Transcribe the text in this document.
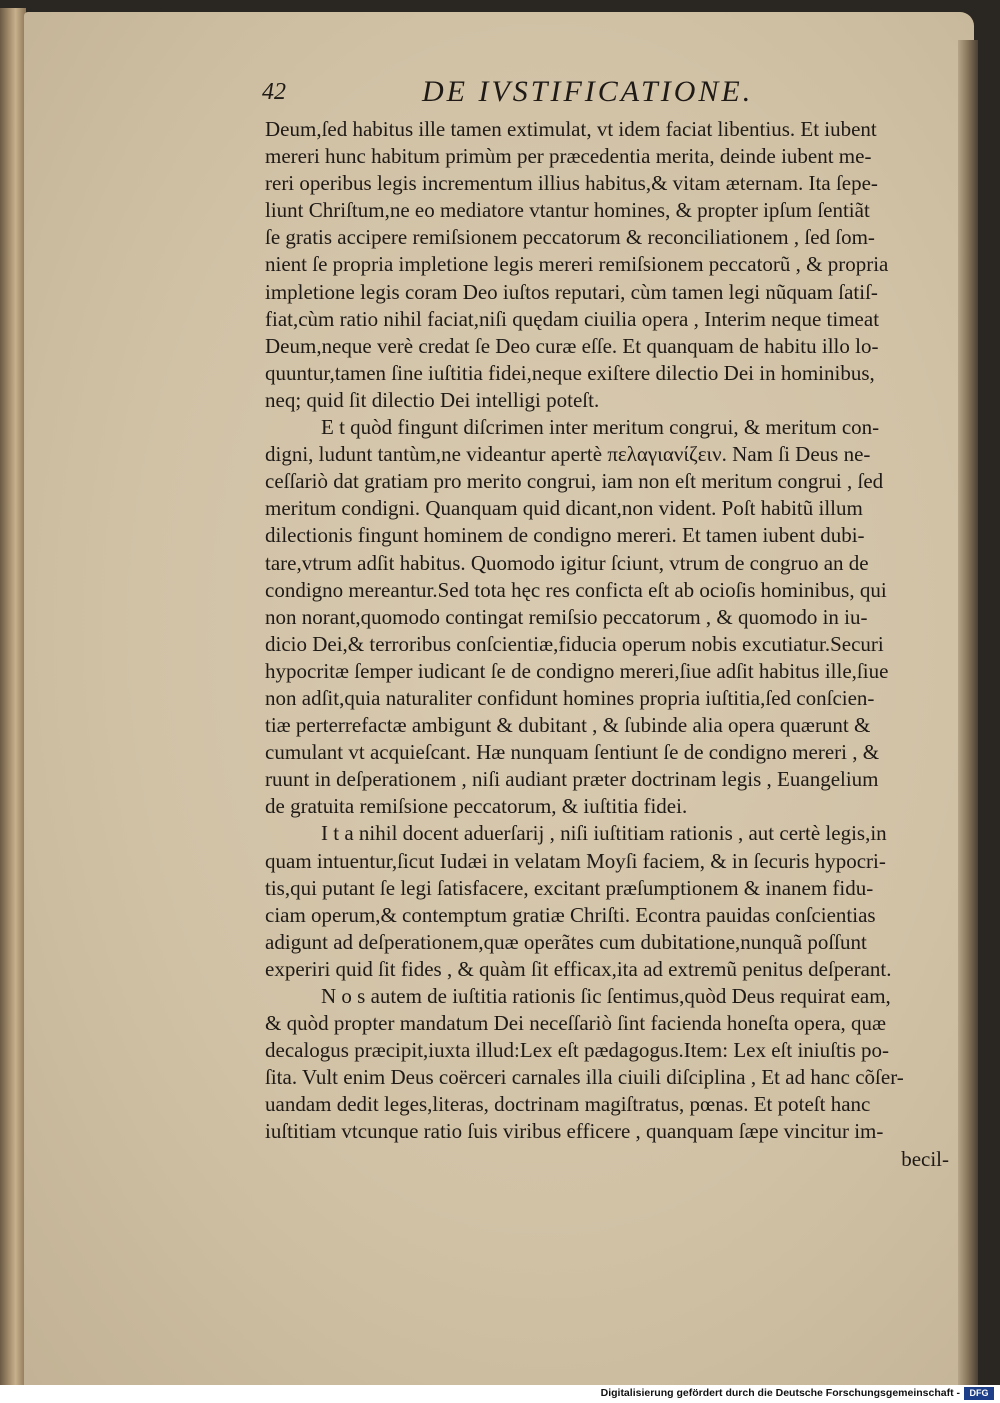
42	DE IVSTIFICATIONE.
Deum,ſed habitus ille tamen extimulat, vt idem faciat libentius. Et iubent
mereri hunc habitum primùm per præcedentia merita, deinde iubent me-
reri operibus legis incrementum illius habitus,& vitam æternam. Ita ſepe-
liunt Chriſtum,ne eo mediatore vtantur homines, & propter ipſum ſentiãt
ſe gratis accipere remiſsionem peccatorum & reconciliationem , ſed ſom-
nient ſe propria impletione legis mereri remiſsionem peccatorũ , & propria
impletione legis coram Deo iuſtos reputari, cùm tamen legi nũquam ſatiſ-
fiat,cùm ratio nihil faciat,niſi quędam ciuilia opera , Interim neque timeat
Deum,neque verè credat ſe Deo curæ eſſe. Et quanquam de habitu illo lo-
quuntur,tamen ſine iuſtitia fidei,neque exiſtere dilectio Dei in hominibus,
neq; quid ſit dilectio Dei intelligi poteſt.
E t quòd fingunt diſcrimen inter meritum congrui, & meritum con-
digni, ludunt tantùm,ne videantur apertè πελαγιανίζειν. Nam ſi Deus ne-
ceſſariò dat gratiam pro merito congrui, iam non eſt meritum congrui , ſed
meritum condigni. Quanquam quid dicant,non vident. Poſt habitũ illum
dilectionis fingunt hominem de condigno mereri. Et tamen iubent dubi-
tare,vtrum adſit habitus. Quomodo igitur ſciunt, vtrum de congruo an de
condigno mereantur.Sed tota hęc res conficta eſt ab ocioſis hominibus, qui
non norant,quomodo contingat remiſsio peccatorum , & quomodo in iu-
dicio Dei,& terroribus conſcientiæ,fiducia operum nobis excutiatur.Securi
hypocritæ ſemper iudicant ſe de condigno mereri,ſiue adſit habitus ille,ſiue
non adſit,quia naturaliter confidunt homines propria iuſtitia,ſed conſcien-
tiæ perterrefactæ ambigunt & dubitant , & ſubinde alia opera quærunt &
cumulant vt acquieſcant. Hæ nunquam ſentiunt ſe de condigno mereri , &
ruunt in deſperationem , niſi audiant præter doctrinam legis , Euangelium
de gratuita remiſsione peccatorum, & iuſtitia fidei.
I t a nihil docent aduerſarij , niſi iuſtitiam rationis , aut certè legis,in
quam intuentur,ſicut Iudæi in velatam Moyſi faciem, & in ſecuris hypocri-
tis,qui putant ſe legi ſatisfacere, excitant præſumptionem & inanem fidu-
ciam operum,& contemptum gratiæ Chriſti. Econtra pauidas conſcientias
adigunt ad deſperationem,quæ operãtes cum dubitatione,nunquã poſſunt
experiri quid ſit fides , & quàm ſit efficax,ita ad extremũ penitus deſperant.
N o s autem de iuſtitia rationis ſic ſentimus,quòd Deus requirat eam,
& quòd propter mandatum Dei neceſſariò ſint facienda honeſta opera, quæ
decalogus præcipit,iuxta illud:Lex eſt pædagogus.Item: Lex eſt iniuſtis po-
ſita. Vult enim Deus coërceri carnales illa ciuili diſciplina , Et ad hanc cõſer-
uandam dedit leges,literas, doctrinam magiſtratus, pœnas. Et poteſt hanc
iuſtitiam vtcunque ratio ſuis viribus efficere , quanquam ſæpe vincitur im-
becil-
Digitalisierung gefördert durch die Deutsche Forschungsgemeinschaft -	DFG
